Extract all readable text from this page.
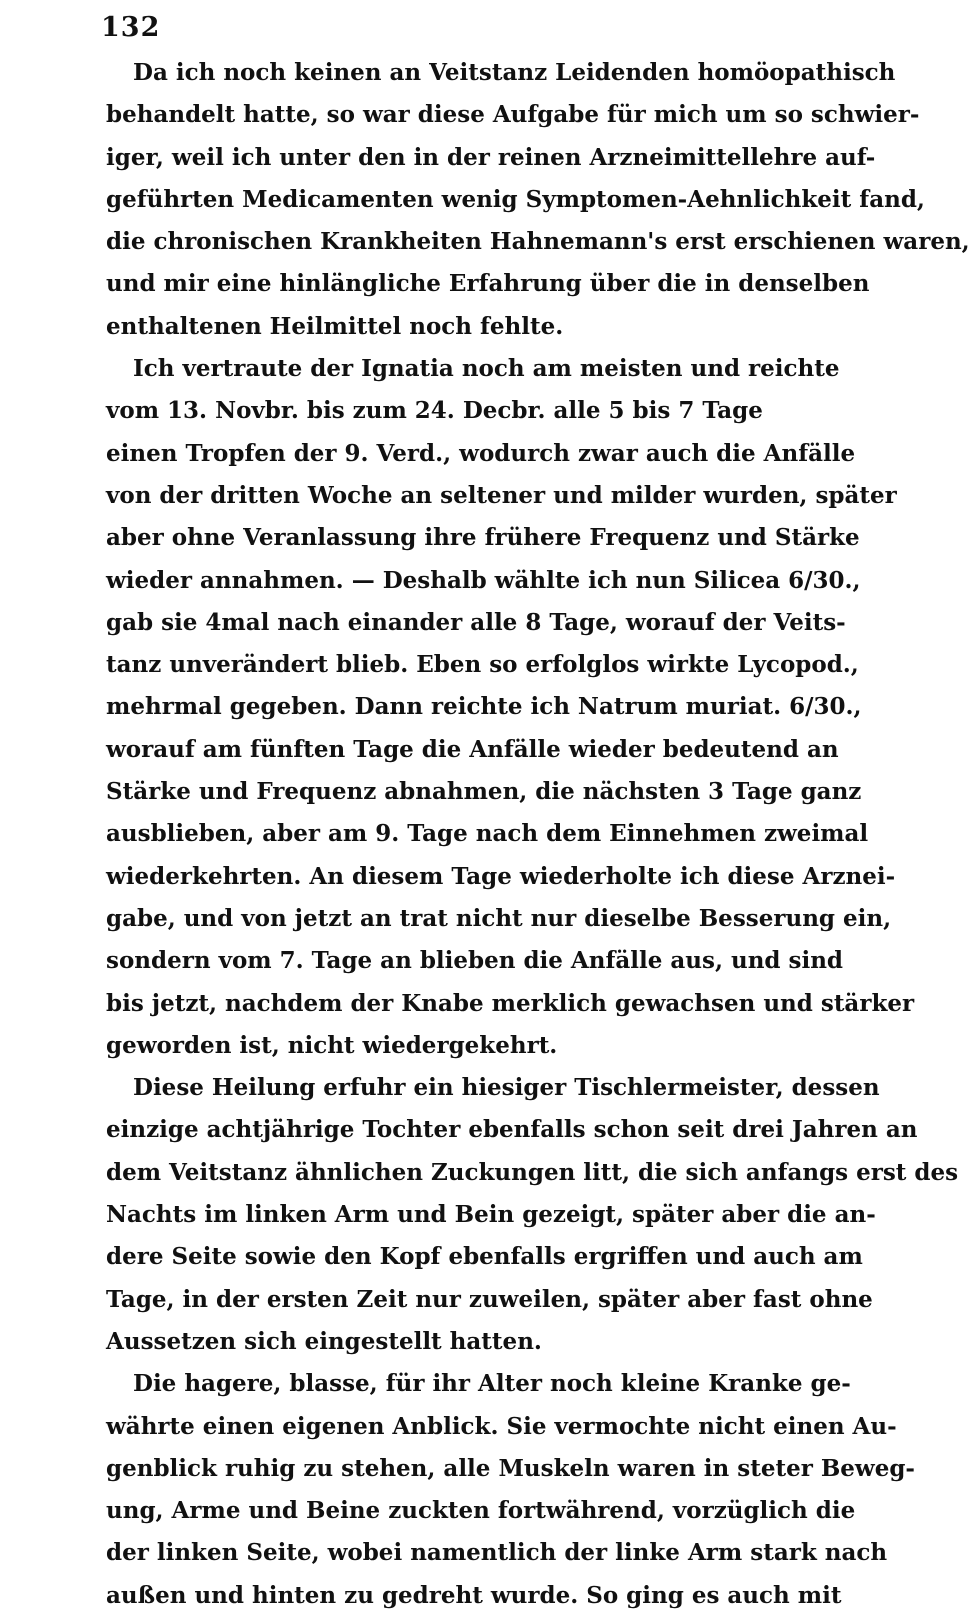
132
Da ich noch keinen an Veitstanz Leidenden homöopathisch
behandelt hatte, so war diese Aufgabe für mich um so schwier-
iger, weil ich unter den in der reinen Arzneimittellehre auf-
geführten Medicamenten wenig Symptomen-Aehnlichkeit fand,
die chronischen Krankheiten Hahnemann's erst erschienen waren,
und mir eine hinlängliche Erfahrung über die in denselben
enthaltenen Heilmittel noch fehlte.
Ich vertraute der Ignatia noch am meisten und reichte
vom 13. Novbr. bis zum 24. Decbr. alle 5 bis 7 Tage
einen Tropfen der 9. Verd., wodurch zwar auch die Anfälle
von der dritten Woche an seltener und milder wurden, später
aber ohne Veranlassung ihre frühere Frequenz und Stärke
wieder annahmen. — Deshalb wählte ich nun Silicea 6/30.,
gab sie 4mal nach einander alle 8 Tage, worauf der Veits-
tanz unverändert blieb. Eben so erfolglos wirkte Lycopod.,
mehrmal gegeben. Dann reichte ich Natrum muriat. 6/30.,
worauf am fünften Tage die Anfälle wieder bedeutend an
Stärke und Frequenz abnahmen, die nächsten 3 Tage ganz
ausblieben, aber am 9. Tage nach dem Einnehmen zweimal
wiederkehrten. An diesem Tage wiederholte ich diese Arznei-
gabe, und von jetzt an trat nicht nur dieselbe Besserung ein,
sondern vom 7. Tage an blieben die Anfälle aus, und sind
bis jetzt, nachdem der Knabe merklich gewachsen und stärker
geworden ist, nicht wiedergekehrt.
Diese Heilung erfuhr ein hiesiger Tischlermeister, dessen
einzige achtjährige Tochter ebenfalls schon seit drei Jahren an
dem Veitstanz ähnlichen Zuckungen litt, die sich anfangs erst des
Nachts im linken Arm und Bein gezeigt, später aber die an-
dere Seite sowie den Kopf ebenfalls ergriffen und auch am
Tage, in der ersten Zeit nur zuweilen, später aber fast ohne
Aussetzen sich eingestellt hatten.
Die hagere, blasse, für ihr Alter noch kleine Kranke ge-
währte einen eigenen Anblick. Sie vermochte nicht einen Au-
genblick ruhig zu stehen, alle Muskeln waren in steter Beweg-
ung, Arme und Beine zuckten fortwährend, vorzüglich die
der linken Seite, wobei namentlich der linke Arm stark nach
außen und hinten zu gedreht wurde. So ging es auch mit
